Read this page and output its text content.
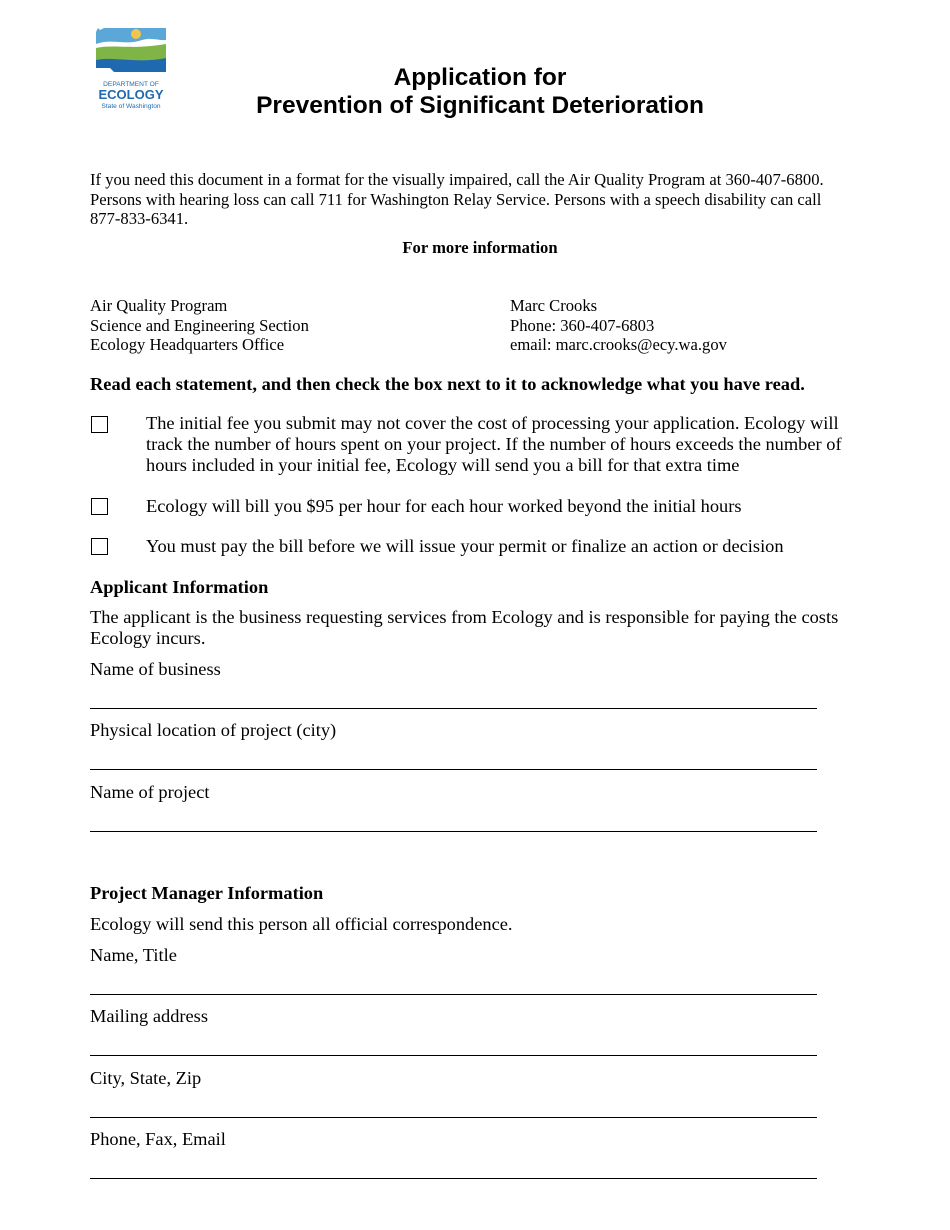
DEPARTMENT OF
ECOLOGY
State of Washington
Application for
Prevention of Significant Deterioration
If you need this document in a format for the visually impaired, call the Air Quality Program at 360-407-6800.
Persons with hearing loss can call 711 for Washington Relay Service. Persons with a speech disability can call
877-833-6341.
For more information
Air Quality Program
Science and Engineering Section
Ecology Headquarters Office
Marc Crooks
Phone: 360-407-6803
email: marc.crooks@ecy.wa.gov
Read each statement, and then check the box next to it to acknowledge what you have read.
The initial fee you submit may not cover the cost of processing your application. Ecology will
track the number of hours spent on your project. If the number of hours exceeds the number of
hours included in your initial fee, Ecology will send you a bill for that extra time
Ecology will bill you $95 per hour for each hour worked beyond the initial hours
You must pay the bill before we will issue your permit or finalize an action or decision
Applicant Information
The applicant is the business requesting services from Ecology and is responsible for paying the costs
Ecology incurs.
Name of business
Physical location of project (city)
Name of project
Project Manager Information
Ecology will send this person all official correspondence.
Name, Title
Mailing address
City, State, Zip
Phone, Fax, Email
